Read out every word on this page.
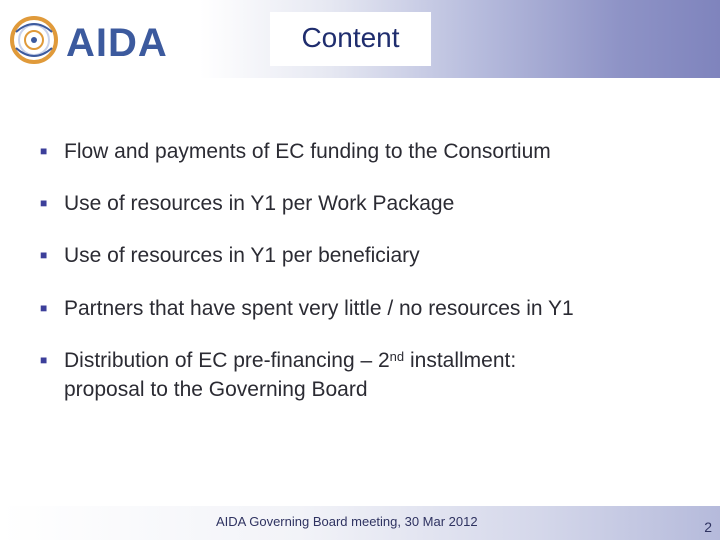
AIDA	Content
■ Flow and payments of EC funding to the Consortium
■ Use of resources in Y1 per Work Package
■ Use of resources in Y1 per beneficiary
■ Partners that have spent very little / no resources in Y1
■ Distribution of EC pre-financing – 2nd installment:
proposal to the Governing Board
AIDA Governing Board meeting, 30 Mar 2012	2
